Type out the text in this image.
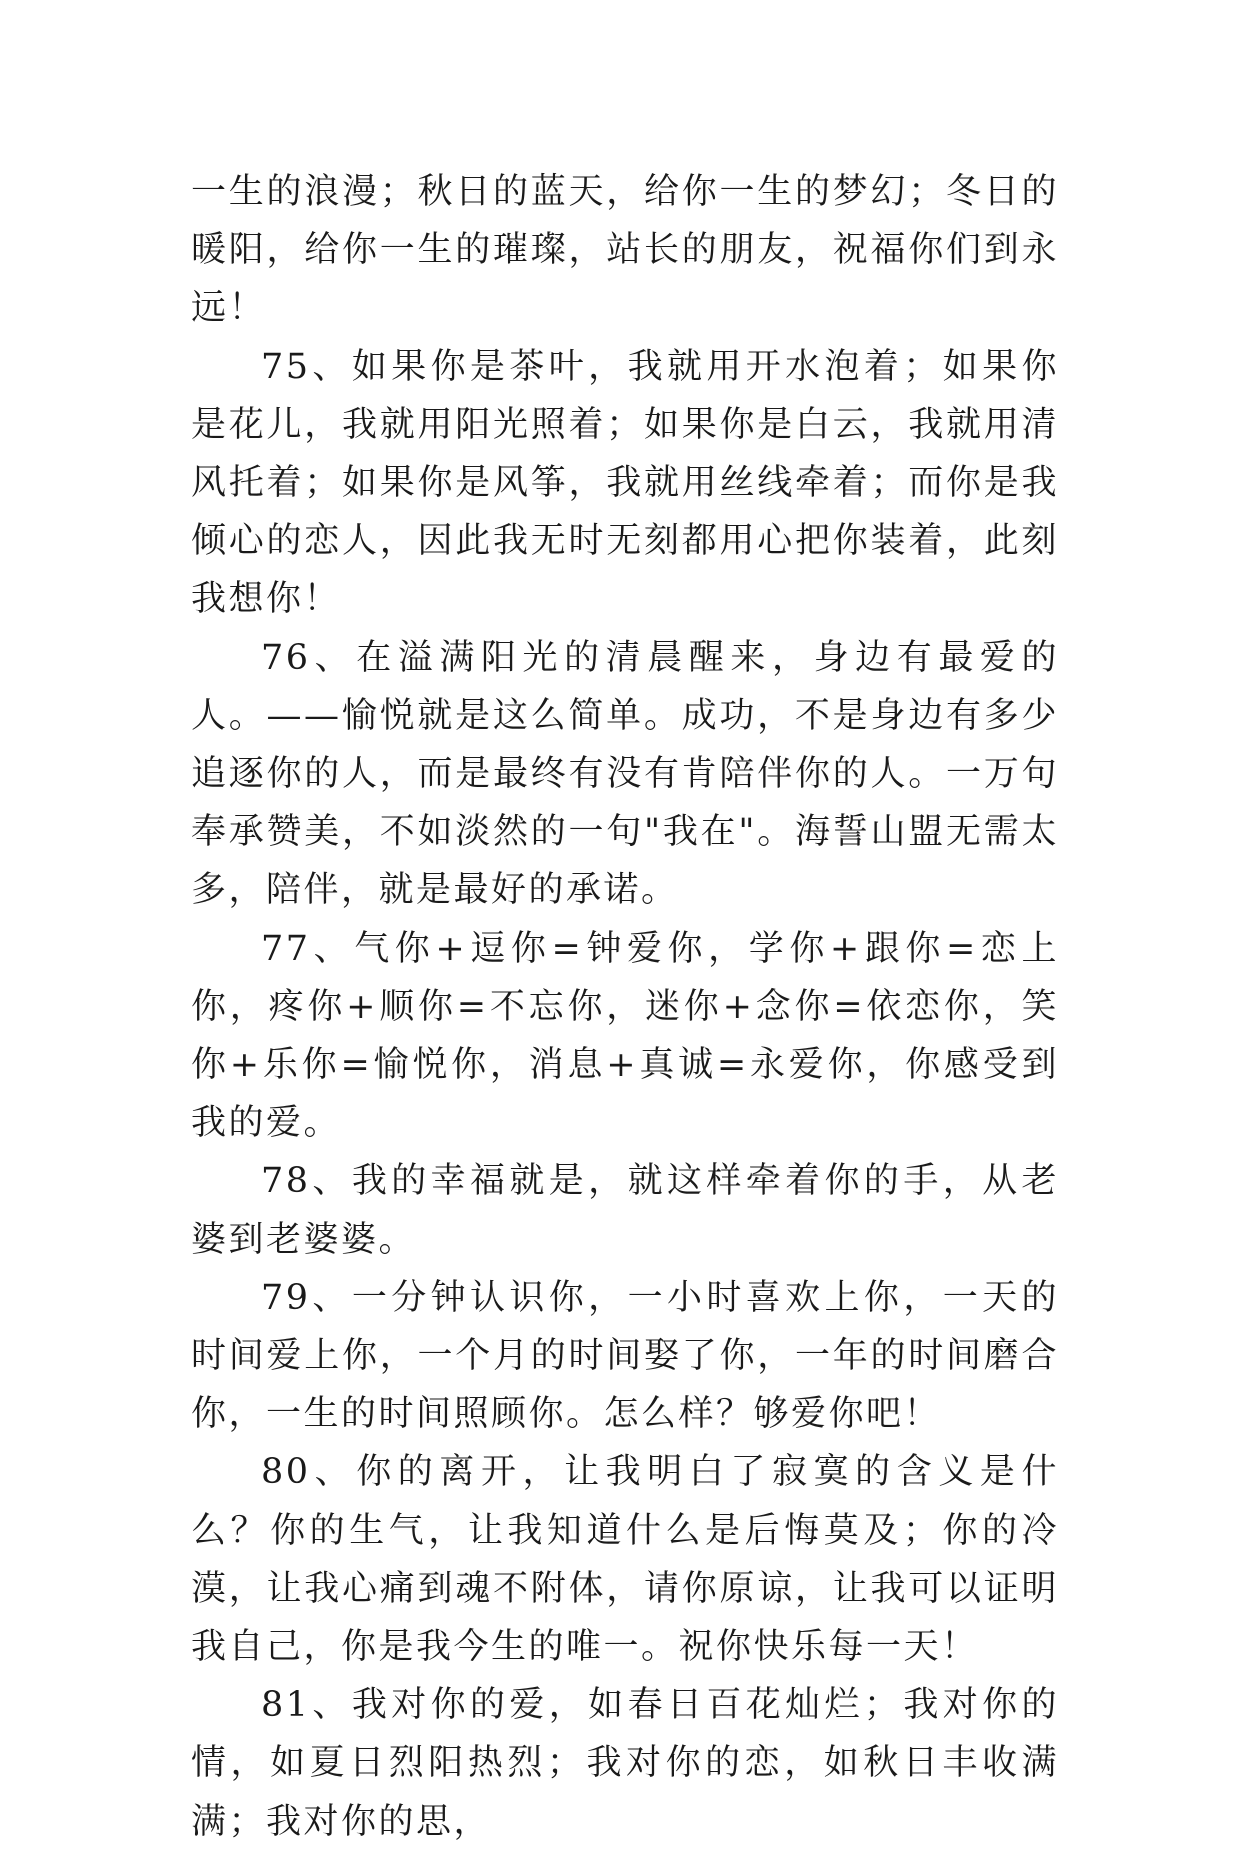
一生的浪漫；秋日的蓝天，给你一生的梦幻；冬日的暖阳，给你一生的璀璨，站长的朋友，祝福你们到永远！

75、如果你是茶叶，我就用开水泡着；如果你是花儿，我就用阳光照着；如果你是白云，我就用清风托着；如果你是风筝，我就用丝线牵着；而你是我倾心的恋人，因此我无时无刻都用心把你装着，此刻我想你！

76、在溢满阳光的清晨醒来，身边有最爱的人。——愉悦就是这么简单。成功，不是身边有多少追逐你的人，而是最终有没有肯陪伴你的人。一万句奉承赞美，不如淡然的一句"我在"。海誓山盟无需太多，陪伴，就是最好的承诺。

77、气你+逗你=钟爱你，学你+跟你=恋上你，疼你+顺你=不忘你，迷你+念你=依恋你，笑你+乐你=愉悦你，消息+真诚=永爱你，你感受到我的爱。

78、我的幸福就是，就这样牵着你的手，从老婆到老婆婆。

79、一分钟认识你，一小时喜欢上你，一天的时间爱上你，一个月的时间娶了你，一年的时间磨合你，一生的时间照顾你。怎么样？够爱你吧！

80、你的离开，让我明白了寂寞的含义是什么？你的生气，让我知道什么是后悔莫及；你的冷漠，让我心痛到魂不附体，请你原谅，让我可以证明我自己，你是我今生的唯一。祝你快乐每一天！

81、我对你的爱，如春日百花灿烂；我对你的情，如夏日烈阳热烈；我对你的恋，如秋日丰收满满；我对你的思，
